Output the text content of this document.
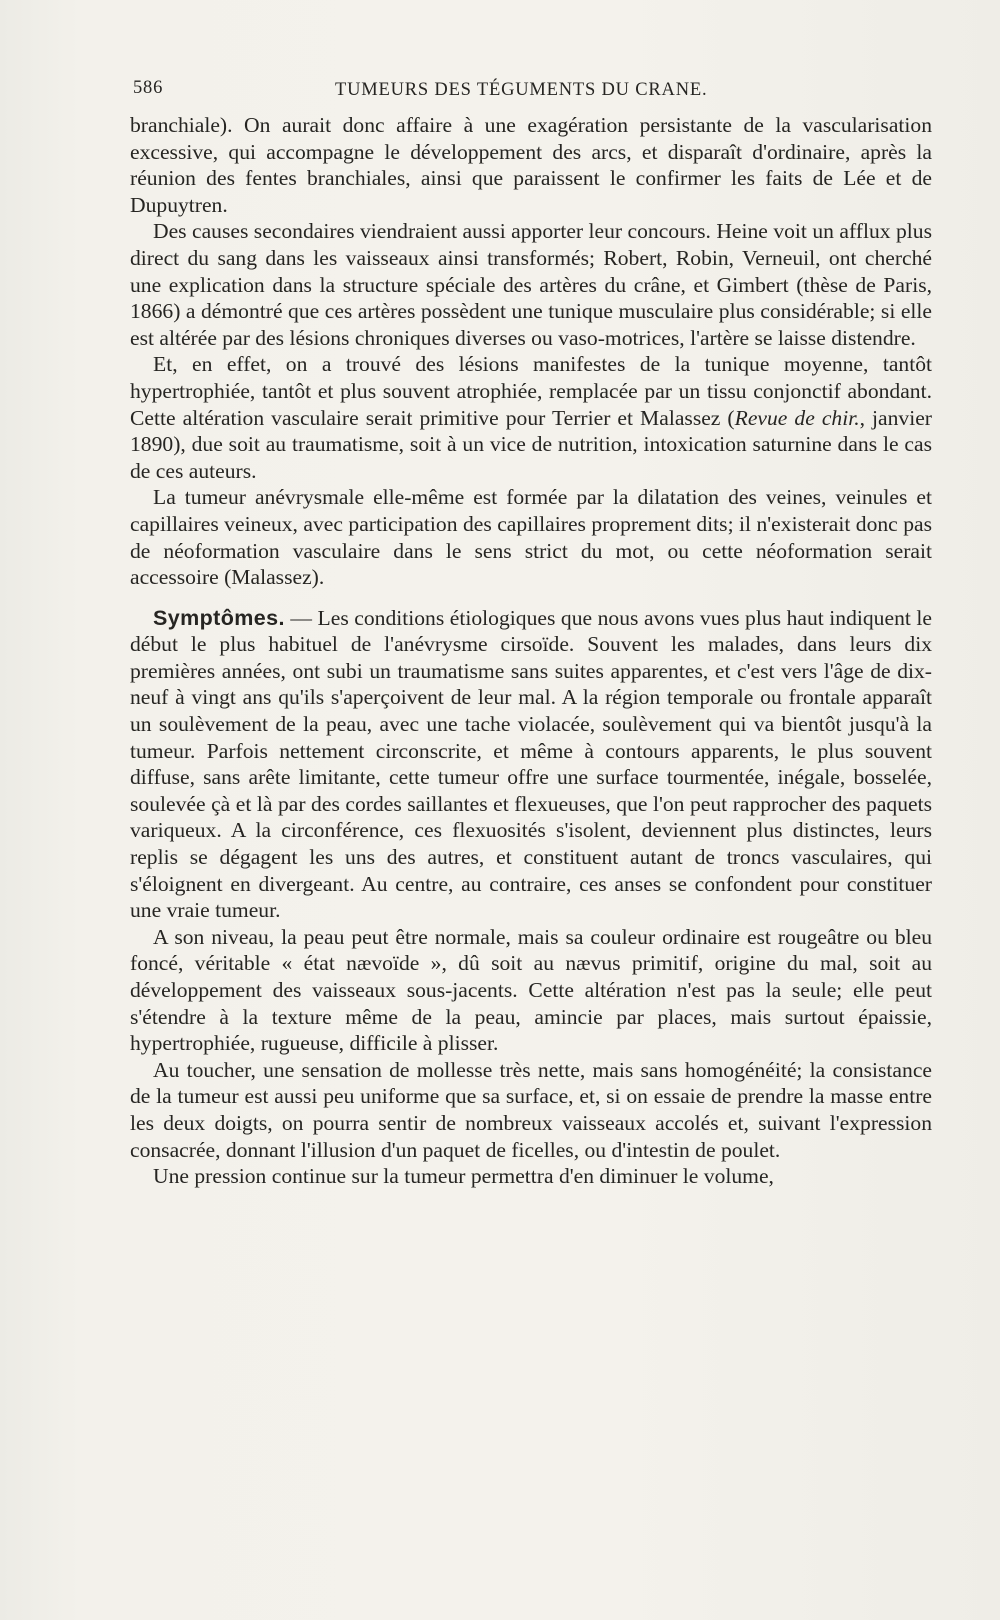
586	TUMEURS DES TÉGUMENTS DU CRANE.

branchiale). On aurait donc affaire à une exagération persistante de la vascularisation excessive, qui accompagne le développement des arcs, et disparaît d'ordinaire, après la réunion des fentes branchiales, ainsi que paraissent le confirmer les faits de Lée et de Dupuytren.

Des causes secondaires viendraient aussi apporter leur concours. Heine voit un afflux plus direct du sang dans les vaisseaux ainsi transformés; Robert, Robin, Verneuil, ont cherché une explication dans la structure spéciale des artères du crâne, et Gimbert (thèse de Paris, 1866) a démontré que ces artères possèdent une tunique musculaire plus considérable; si elle est altérée par des lésions chroniques diverses ou vaso-motrices, l'artère se laisse distendre.

Et, en effet, on a trouvé des lésions manifestes de la tunique moyenne, tantôt hypertrophiée, tantôt et plus souvent atrophiée, remplacée par un tissu conjonctif abondant. Cette altération vasculaire serait primitive pour Terrier et Malassez (Revue de chir., janvier 1890), due soit au traumatisme, soit à un vice de nutrition, intoxication saturnine dans le cas de ces auteurs.

La tumeur anévrysmale elle-même est formée par la dilatation des veines, veinules et capillaires veineux, avec participation des capillaires proprement dits; il n'existerait donc pas de néoformation vasculaire dans le sens strict du mot, ou cette néoformation serait accessoire (Malassez).

Symptômes. — Les conditions étiologiques que nous avons vues plus haut indiquent le début le plus habituel de l'anévrysme cirsoïde. Souvent les malades, dans leurs dix premières années, ont subi un traumatisme sans suites apparentes, et c'est vers l'âge de dix-neuf à vingt ans qu'ils s'aperçoivent de leur mal. A la région temporale ou frontale apparaît un soulèvement de la peau, avec une tache violacée, soulèvement qui va bientôt jusqu'à la tumeur. Parfois nettement circonscrite, et même à contours apparents, le plus souvent diffuse, sans arête limitante, cette tumeur offre une surface tourmentée, inégale, bosselée, soulevée çà et là par des cordes saillantes et flexueuses, que l'on peut rapprocher des paquets variqueux. A la circonférence, ces flexuosités s'isolent, deviennent plus distinctes, leurs replis se dégagent les uns des autres, et constituent autant de troncs vasculaires, qui s'éloignent en divergeant. Au centre, au contraire, ces anses se confondent pour constituer une vraie tumeur.

A son niveau, la peau peut être normale, mais sa couleur ordinaire est rougeâtre ou bleu foncé, véritable « état nævoïde », dû soit au nævus primitif, origine du mal, soit au développement des vaisseaux sous-jacents. Cette altération n'est pas la seule; elle peut s'étendre à la texture même de la peau, amincie par places, mais surtout épaissie, hypertrophiée, rugueuse, difficile à plisser.

Au toucher, une sensation de mollesse très nette, mais sans homogénéité; la consistance de la tumeur est aussi peu uniforme que sa surface, et, si on essaie de prendre la masse entre les deux doigts, on pourra sentir de nombreux vaisseaux accolés et, suivant l'expression consacrée, donnant l'illusion d'un paquet de ficelles, ou d'intestin de poulet.

Une pression continue sur la tumeur permettra d'en diminuer le volume,
